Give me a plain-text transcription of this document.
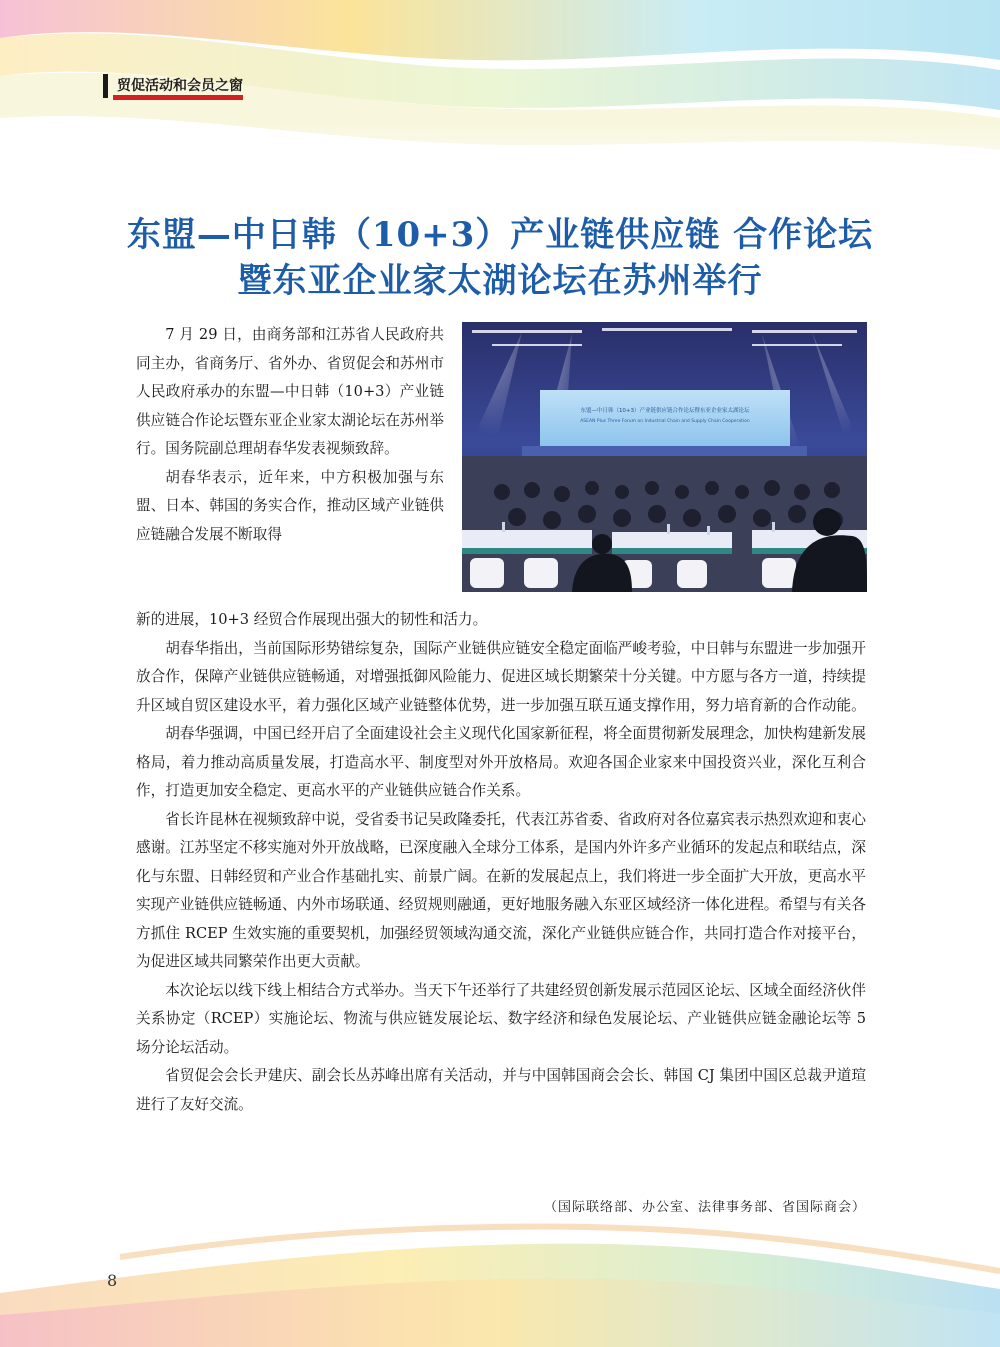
贸促活动和会员之窗
东盟—中日韩（10+3）产业链供应链 合作论坛
暨东亚企业家太湖论坛在苏州举行
东盟—中日韩（10+3）产业链供应链合作论坛暨东亚企业家太湖论坛
ASEAN Plus Three Forum on Industrial Chain and Supply Chain Cooperation

7 月 29 日，由商务部和江苏省人民政府共同主办，省商务厅、省外办、省贸促会和苏州市人民政府承办的东盟—中日韩（10+3）产业链供应链合作论坛暨东亚企业家太湖论坛在苏州举行。国务院副总理胡春华发表视频致辞。

胡春华表示，近年来，中方积极加强与东盟、日本、韩国的务实合作，推动区域产业链供应链融合发展不断取得

新的进展，10+3 经贸合作展现出强大的韧性和活力。

胡春华指出，当前国际形势错综复杂，国际产业链供应链安全稳定面临严峻考验，中日韩与东盟进一步加强开放合作，保障产业链供应链畅通，对增强抵御风险能力、促进区域长期繁荣十分关键。中方愿与各方一道，持续提升区域自贸区建设水平，着力强化区域产业链整体优势，进一步加强互联互通支撑作用，努力培育新的合作动能。

胡春华强调，中国已经开启了全面建设社会主义现代化国家新征程，将全面贯彻新发展理念，加快构建新发展格局，着力推动高质量发展，打造高水平、制度型对外开放格局。欢迎各国企业家来中国投资兴业，深化互利合作，打造更加安全稳定、更高水平的产业链供应链合作关系。

省长许昆林在视频致辞中说，受省委书记吴政隆委托，代表江苏省委、省政府对各位嘉宾表示热烈欢迎和衷心感谢。江苏坚定不移实施对外开放战略，已深度融入全球分工体系，是国内外许多产业循环的发起点和联结点，深化与东盟、日韩经贸和产业合作基础扎实、前景广阔。在新的发展起点上，我们将进一步全面扩大开放，更高水平实现产业链供应链畅通、内外市场联通、经贸规则融通，更好地服务融入东亚区域经济一体化进程。希望与有关各方抓住 RCEP 生效实施的重要契机，加强经贸领域沟通交流，深化产业链供应链合作，共同打造合作对接平台，为促进区域共同繁荣作出更大贡献。

本次论坛以线下线上相结合方式举办。当天下午还举行了共建经贸创新发展示范园区论坛、区域全面经济伙伴关系协定（RCEP）实施论坛、物流与供应链发展论坛、数字经济和绿色发展论坛、产业链供应链金融论坛等 5 场分论坛活动。

省贸促会会长尹建庆、副会长丛苏峰出席有关活动，并与中国韩国商会会长、韩国 CJ 集团中国区总裁尹道瑄进行了友好交流。

（国际联络部、办公室、法律事务部、省国际商会）
8
